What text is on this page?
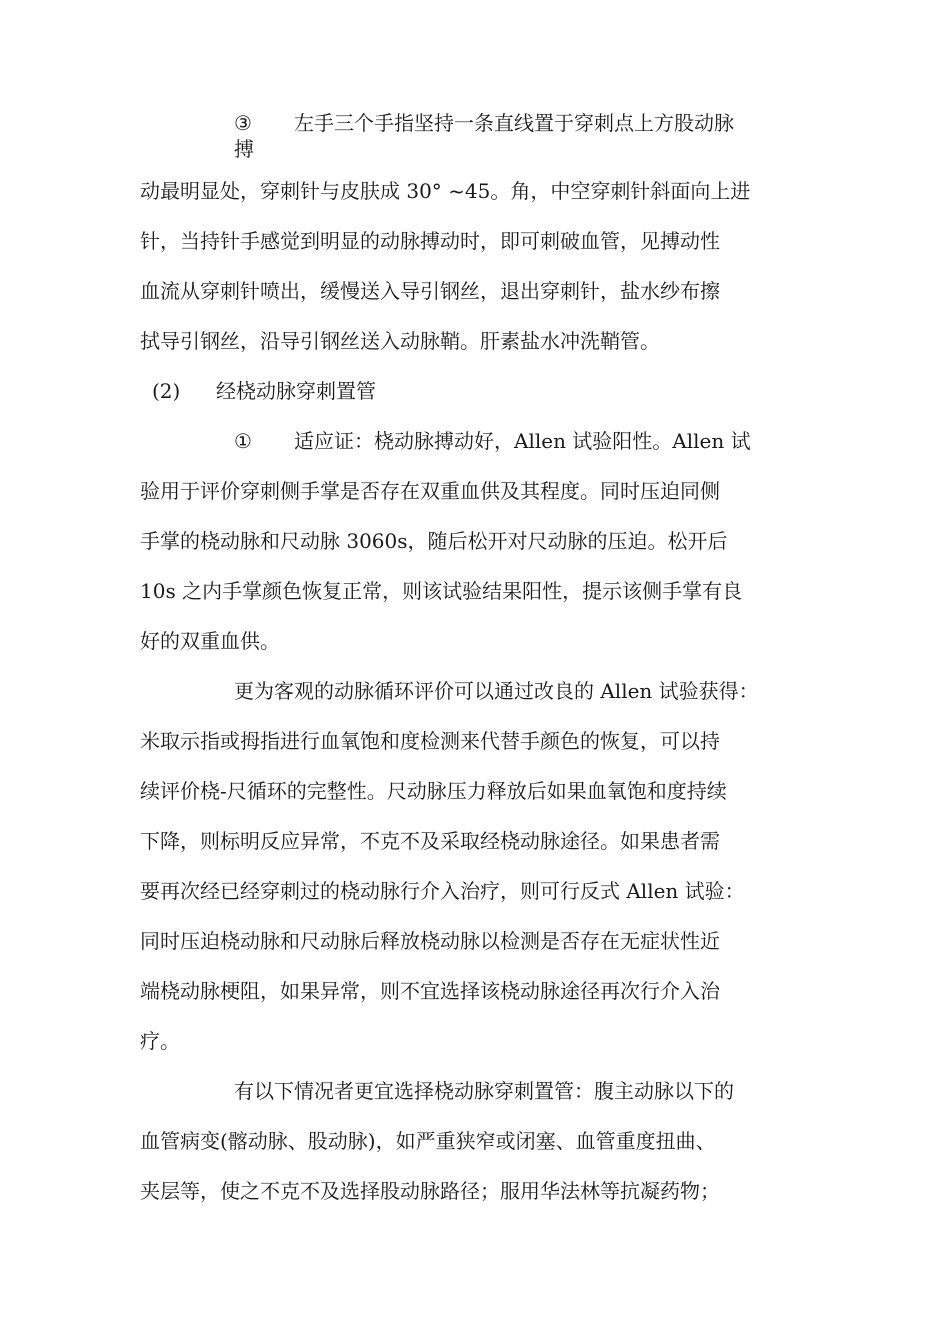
③ 左手三个手指坚持一条直线置于穿刺点上方股动脉
搏
动最明显处，穿刺针与皮肤成 30° ~45。角，中空穿刺针斜面向上进
针，当持针手感觉到明显的动脉搏动时，即可刺破血管，见搏动性
血流从穿刺针喷出，缓慢送入导引钢丝，退出穿刺针，盐水纱布擦
拭导引钢丝，沿导引钢丝送入动脉鞘。肝素盐水冲洗鞘管。
(2) 经桡动脉穿刺置管
① 适应证：桡动脉搏动好，Allen 试验阳性。Allen 试
验用于评价穿刺侧手掌是否存在双重血供及其程度。同时压迫同侧
手掌的桡动脉和尺动脉 3060s，随后松开对尺动脉的压迫。松开后
10s 之内手掌颜色恢复正常，则该试验结果阳性，提示该侧手掌有良
好的双重血供。
更为客观的动脉循环评价可以通过改良的 Allen 试验获得：
米取示指或拇指进行血氧饱和度检测来代替手颜色的恢复，可以持
续评价桡-尺循环的完整性。尺动脉压力释放后如果血氧饱和度持续
下降，则标明反应异常，不克不及采取经桡动脉途径。如果患者需
要再次经已经穿刺过的桡动脉行介入治疗，则可行反式 Allen 试验：
同时压迫桡动脉和尺动脉后释放桡动脉以检测是否存在无症状性近
端桡动脉梗阻，如果异常，则不宜选择该桡动脉途径再次行介入治
疗。
有以下情况者更宜选择桡动脉穿刺置管：腹主动脉以下的
血管病变(髂动脉、股动脉)，如严重狭窄或闭塞、血管重度扭曲、
夹层等，使之不克不及选择股动脉路径；服用华法林等抗凝药物；
